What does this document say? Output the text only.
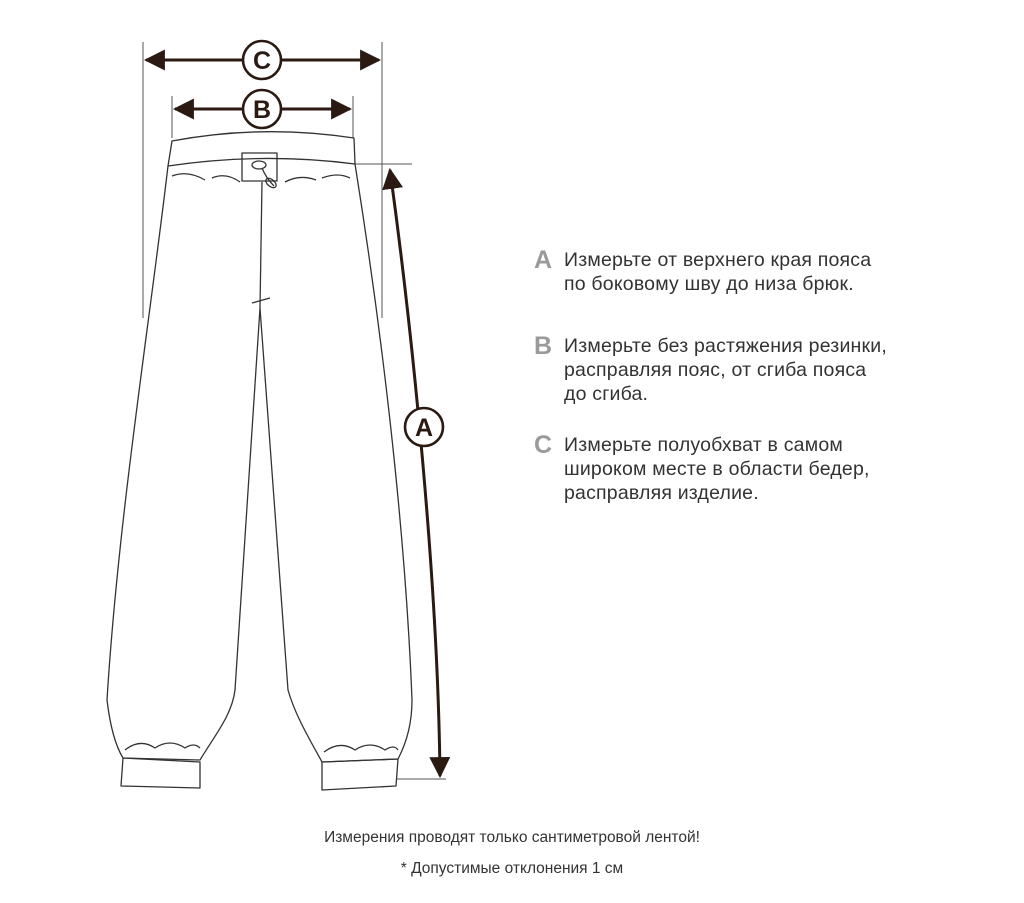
C
B
A
A Измерьте от верхнего края пояса
по боковому шву до низа брюк.
B Измерьте без растяжения резинки,
расправляя пояс, от сгиба пояса
до сгиба.
C Измерьте полуобхват в самом
широком месте в области бедер,
расправляя изделие.
Измерения проводят только сантиметровой лентой!
* Допустимые отклонения 1 см
